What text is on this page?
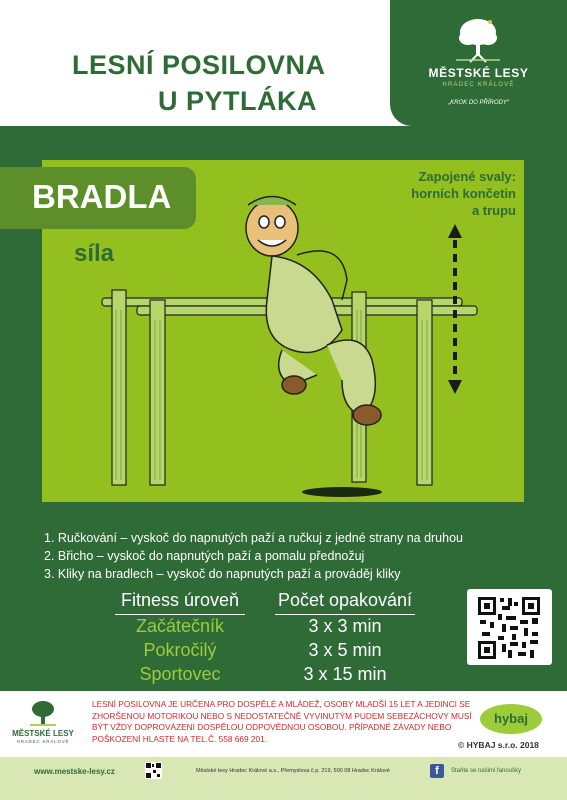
LESNÍ POSILOVNA
U PYTLÁKA
MĚSTSKÉ LESY
HRADEC KRÁLOVÉ
„KROK DO PŘÍRODY“
BRADLA
síla
Zapojené svaly:
horních končetin
a trupu
1. Ručkování – vyskoč do napnutých paží a ručkuj z jedné strany na druhou
2. Břicho – vyskoč do napnutých paží a pomalu přednožuj
3. Kliky na bradlech – vyskoč do napnutých paží a prováděj kliky
Fitness úroveň	Počet opakování
Začátečník	3 x 3 min
Pokročilý	3 x 5 min
Sportovec	3 x 15 min
MĚSTSKÉ LESY
HRADEC KRÁLOVÉ
LESNÍ POSILOVNA JE URČENA PRO DOSPĚLÉ A MLÁDEŽ, OSOBY MLADŠÍ 15 LET A JEDINCI SE ZHORŠENOU MOTORIKOU NEBO S NEDOSTATEČNĚ VYVINUTÝM PUDEM SEBEZÁCHOVY MUSÍ BÝT VŽDY DOPROVÁZENI DOSPĚLOU ODPOVĚDNOU OSOBOU. PŘÍPADNÉ ZÁVADY NEBO POŠKOZENÍ HLASTE NA TEL.Č. 558 669 201.
hybaj
© HYBAJ s.r.o. 2018
www.mestske-lesy.cz	Městské lesy Hradec Králové a.s., Přemyslova č.p. 219, 500 08 Hradec Králové	f	Staňte se našimi fanoušky
